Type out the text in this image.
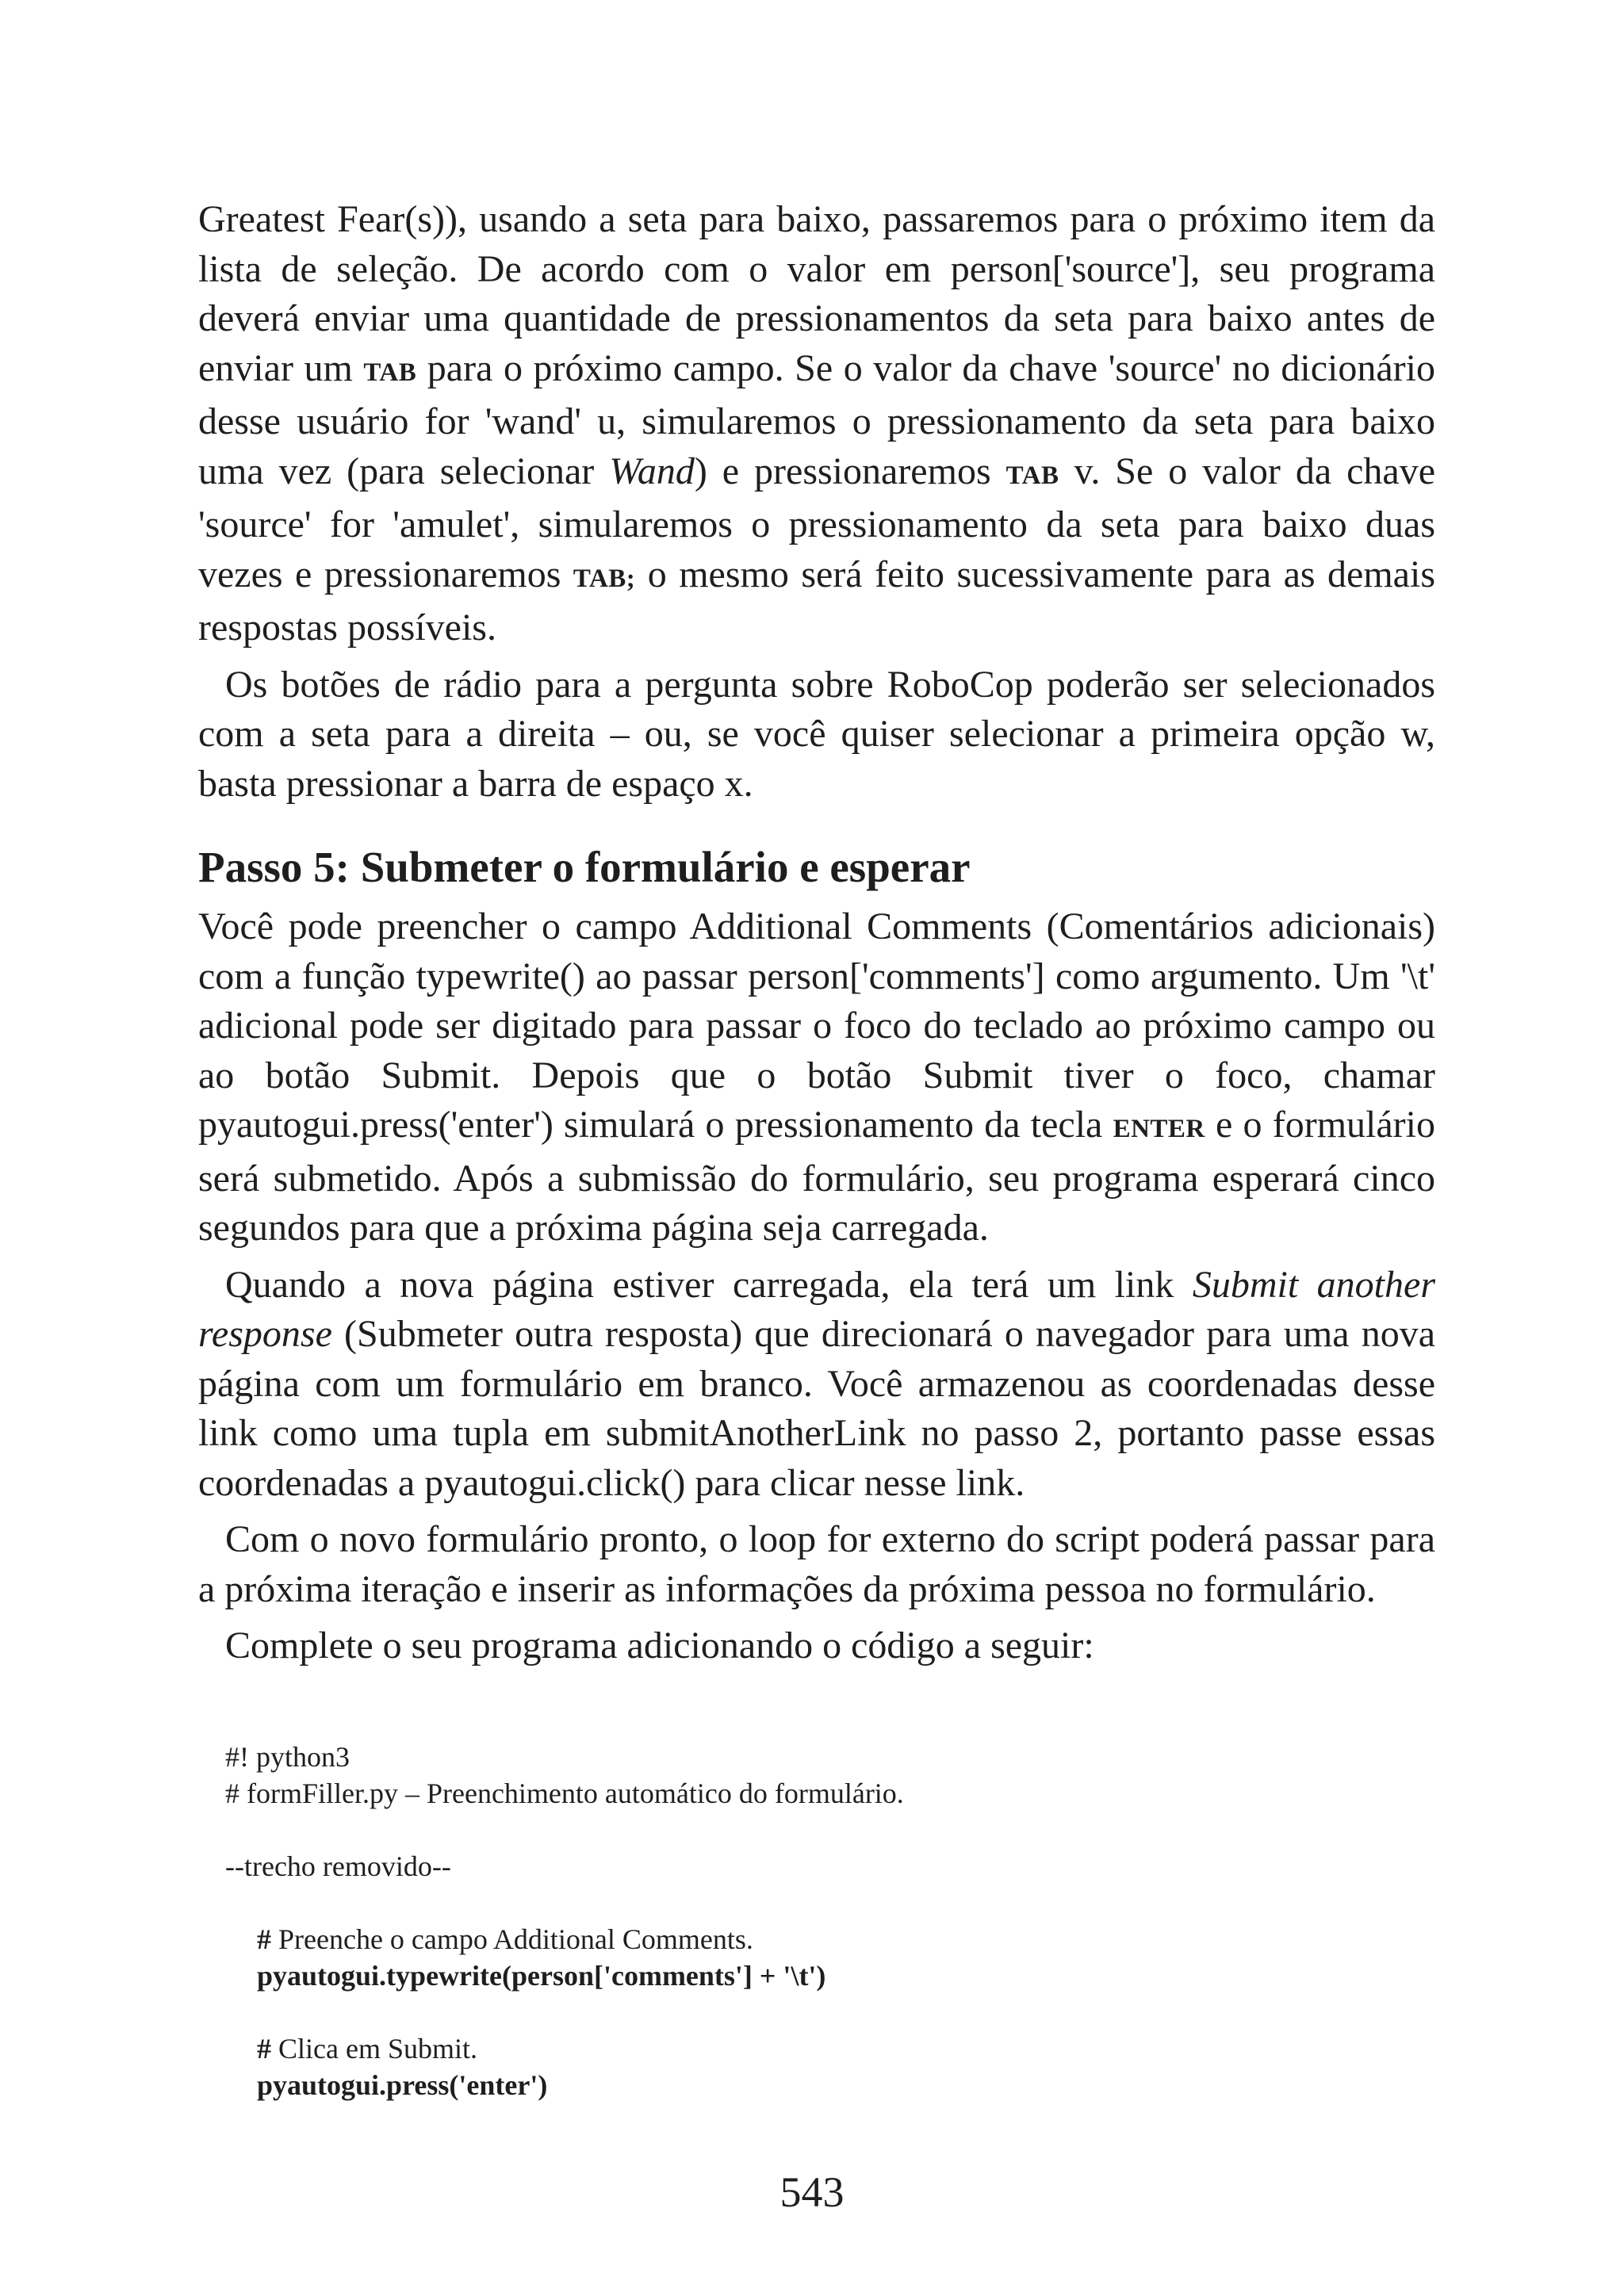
Greatest Fear(s)), usando a seta para baixo, passaremos para o próximo item da lista de seleção. De acordo com o valor em person['source'], seu programa deverá enviar uma quantidade de pressionamentos da seta para baixo antes de enviar um TAB para o próximo campo. Se o valor da chave 'source' no dicionário desse usuário for 'wand' u, simularemos o pressionamento da seta para baixo uma vez (para selecionar Wand) e pressionaremos TAB v. Se o valor da chave 'source' for 'amulet', simularemos o pressionamento da seta para baixo duas vezes e pressionaremos TAB; o mesmo será feito sucessivamente para as demais respostas possíveis.

Os botões de rádio para a pergunta sobre RoboCop poderão ser selecionados com a seta para a direita – ou, se você quiser selecionar a primeira opção w, basta pressionar a barra de espaço x.

Passo 5: Submeter o formulário e esperar

Você pode preencher o campo Additional Comments (Comentários adicionais) com a função typewrite() ao passar person['comments'] como argumento. Um '\t' adicional pode ser digitado para passar o foco do teclado ao próximo campo ou ao botão Submit. Depois que o botão Submit tiver o foco, chamar pyautogui.press('enter') simulará o pressionamento da tecla ENTER e o formulário será submetido. Após a submissão do formulário, seu programa esperará cinco segundos para que a próxima página seja carregada.

Quando a nova página estiver carregada, ela terá um link Submit another response (Submeter outra resposta) que direcionará o navegador para uma nova página com um formulário em branco. Você armazenou as coordenadas desse link como uma tupla em submitAnotherLink no passo 2, portanto passe essas coordenadas a pyautogui.click() para clicar nesse link.

Com o novo formulário pronto, o loop for externo do script poderá passar para a próxima iteração e inserir as informações da próxima pessoa no formulário.

Complete o seu programa adicionando o código a seguir:

#! python3
# formFiller.py – Preenchimento automático do formulário.
--trecho removido--
# Preenche o campo Additional Comments.
pyautogui.typewrite(person['comments'] + '\t')
# Clica em Submit.
pyautogui.press('enter')
543
